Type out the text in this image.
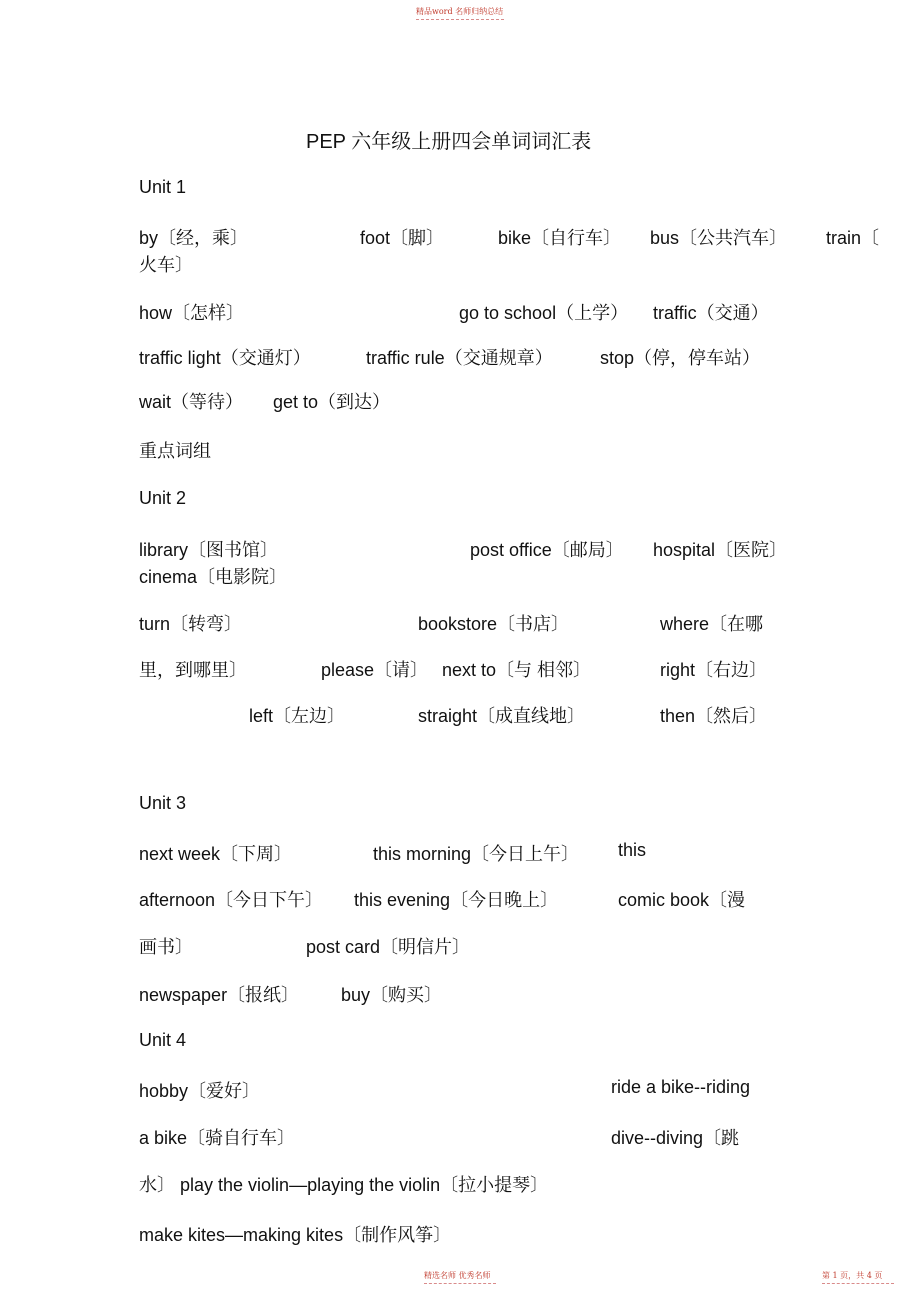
精品word 名师归纳总结
PEP 六年级上册四会单词词汇表
Unit 1
by〔经，乘〕	foot〔脚〕	bike〔自行车〕 bus〔公共汽车〕 train〔
火车〕
how〔怎样〕	go to school（上学） traffic（交通）
traffic light（交通灯）	traffic rule（交通规章）	stop（停，停车站）
wait（等待） get to（到达）
重点词组
Unit 2
library〔图书馆〕	post office〔邮局〕 hospital〔医院〕
cinema〔电影院〕
turn〔转弯〕	bookstore〔书店〕	where〔在哪
里，到哪里〕	please〔请〕 next to〔与 相邻〕	right〔右边〕
left〔左边〕	straight〔成直线地〕	then〔然后〕
Unit 3
next week〔下周〕	this morning〔今日上午〕 this
afternoon〔今日下午〕 this evening〔今日晚上〕	comic book〔漫
画书〕	post card〔明信片〕
newspaper〔报纸〕 buy〔购买〕
Unit 4
hobby〔爱好〕	ride a bike--riding
a bike〔骑自行车〕	dive--diving〔跳
水〕 play the violin—playing the violin〔拉小提琴〕
make kites—making kites〔制作风筝〕
精选名师 优秀名师	第 1 页，共 4 页
